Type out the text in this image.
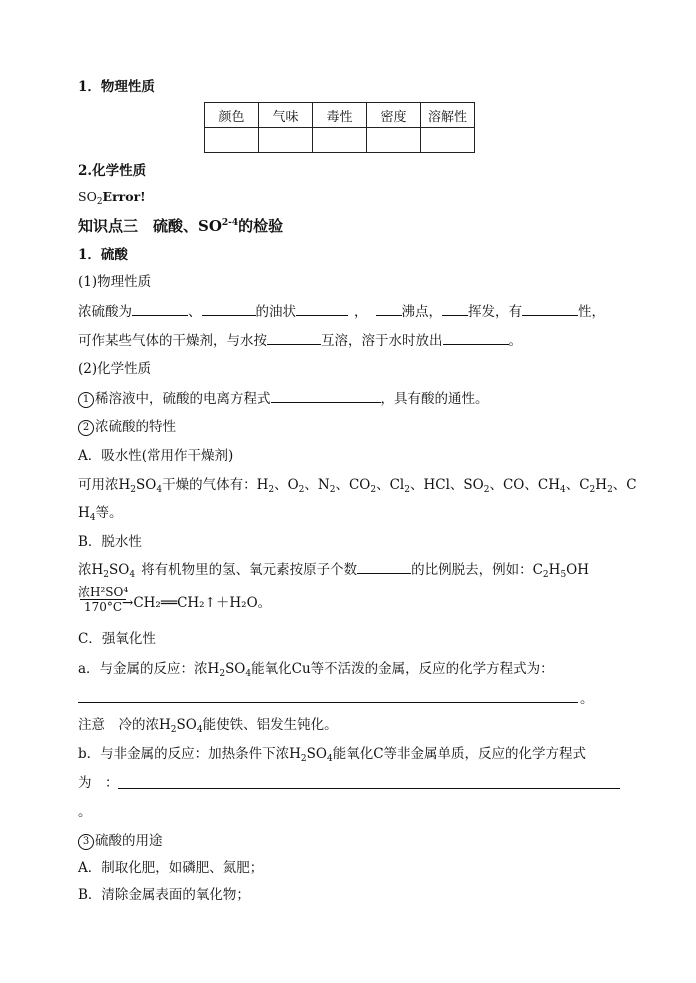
1．物理性质
颜色	气味	毒性	密度	溶解性

2.化学性质
$SO_2Error$!
知识点三　硫酸、SO$^{2-4}$的检验
1．硫酸
(1)物理性质
浓硫酸为	、	的油状	，	沸点， 挥发，有	性，
可作某些气体的干燥剂，与水按	互溶，溶于水时放出	。
(2)化学性质
1 稀溶液中，硫酸的电离方程式	，具有酸的通性。
2 浓硫酸的特性
A．吸水性(常用作干燥剂)
可用浓$H_2SO_4$干燥的气体有：$H_2$、$O_2$、$N_2$、$CO_2$、$Cl_2$、HCl、$SO_2$、CO、$CH_4$、$C_2H_2$、C
$H_4$等。
B．脱水性
浓$H_2SO_4$ 将有机物里的氢、氧元素按原子个数	的比例脱去，例如：$C_2H_5OH$
浓H²SO⁴
170°C →CH₂══CH₂↑＋H₂O。
C．强氧化性
a．与金属的反应：浓$H_2SO_4$能氧化Cu等不活泼的金属，反应的化学方程式为：
。
注意　冷的浓$H_2SO_4$能使铁、铝发生钝化。
b．与非金属的反应：加热条件下浓$H_2SO_4$能氧化C等非金属单质，反应的化学方程式
为　：
。
3 硫酸的用途
A．制取化肥，如磷肥、氮肥；
B．清除金属表面的氧化物；
